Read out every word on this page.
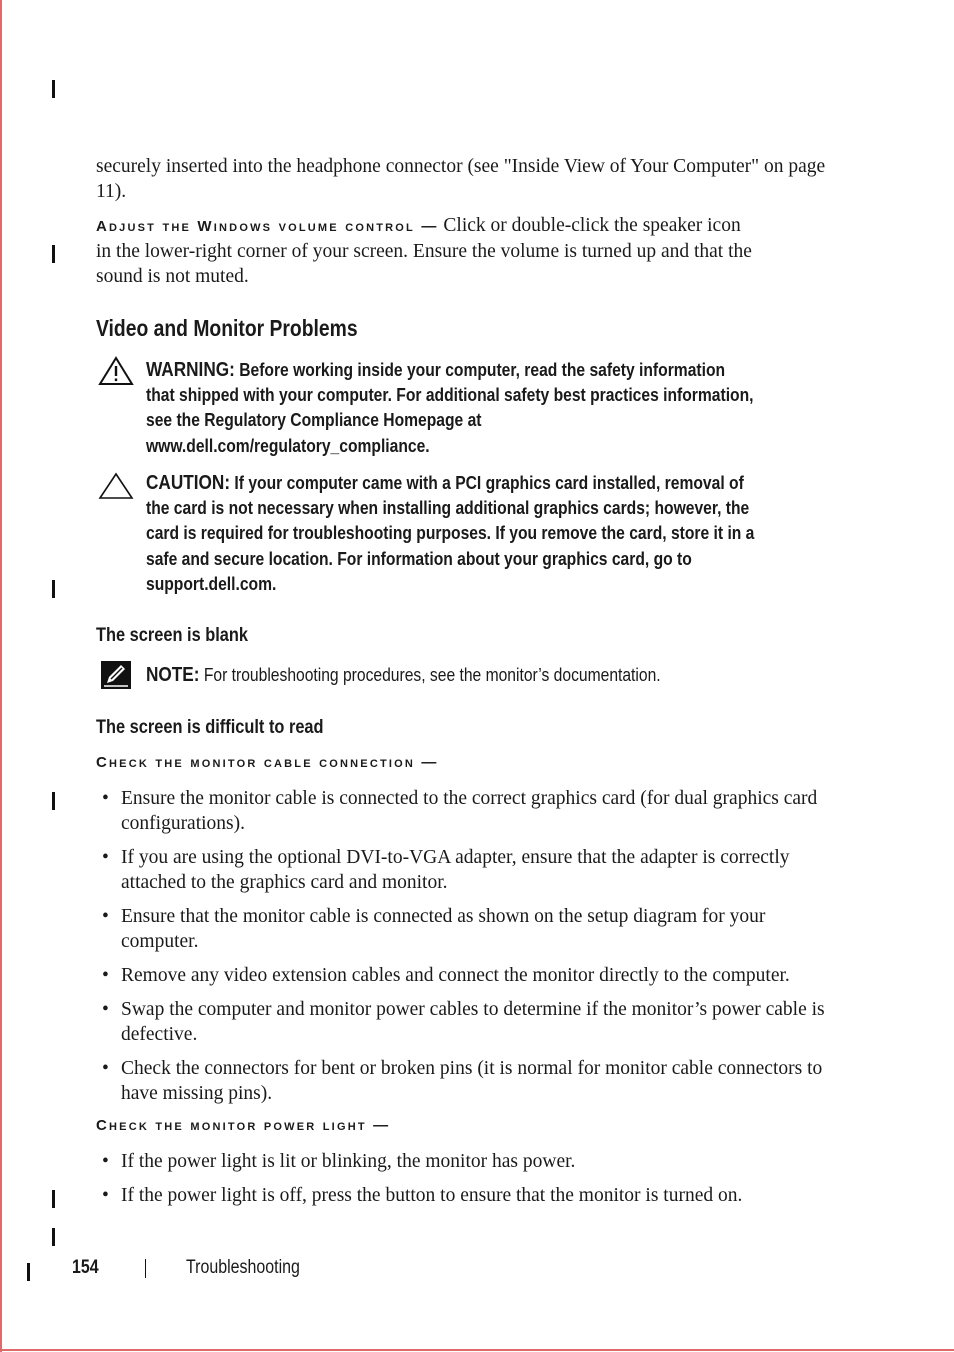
securely inserted into the headphone connector (see "Inside View of Your Computer" on page 11).
Adjust the Windows volume control — Click or double-click the speaker icon
in the lower-right corner of your screen. Ensure the volume is turned up and that the
sound is not muted.
Video and Monitor Problems
WARNING: Before working inside your computer, read the safety information
that shipped with your computer. For additional safety best practices information,
see the Regulatory Compliance Homepage at
www.dell.com/regulatory_compliance.
CAUTION: If your computer came with a PCI graphics card installed, removal of
the card is not necessary when installing additional graphics cards; however, the
card is required for troubleshooting purposes. If you remove the card, store it in a
safe and secure location. For information about your graphics card, go to
support.dell.com.
The screen is blank
NOTE: For troubleshooting procedures, see the monitor’s documentation.
The screen is difficult to read
Check the monitor cable connection —
• Ensure the monitor cable is connected to the correct graphics card (for dual graphics card configurations).
• If you are using the optional DVI-to-VGA adapter, ensure that the adapter is correctly attached to the graphics card and monitor.
• Ensure that the monitor cable is connected as shown on the setup diagram for your computer.
• Remove any video extension cables and connect the monitor directly to the computer.
• Swap the computer and monitor power cables to determine if the monitor’s power cable is defective.
• Check the connectors for bent or broken pins (it is normal for monitor cable connectors to have missing pins).
Check the monitor power light —
• If the power light is lit or blinking, the monitor has power.
• If the power light is off, press the button to ensure that the monitor is turned on.
154	Troubleshooting
